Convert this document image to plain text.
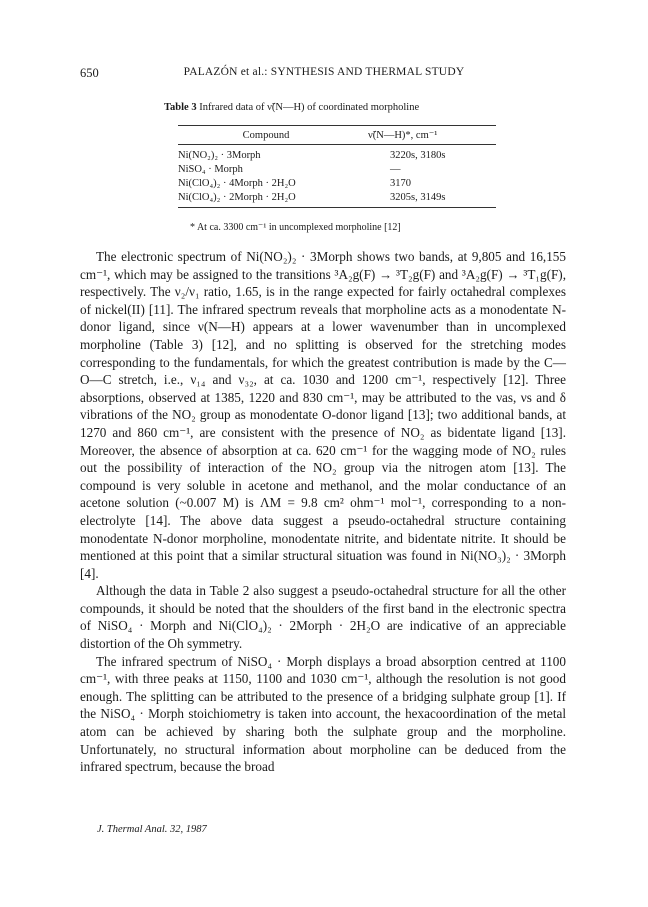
650	PALAZÓN et al.: SYNTHESIS AND THERMAL STUDY
Table 3 Infrared data of ν̃(N—H) of coordinated morpholine
Compound	ν̃(N—H)*, cm⁻¹
Ni(NO₂)₂ · 3Morph	3220s, 3180s
NiSO₄ · Morph	—
Ni(ClO₄)₂ · 4Morph · 2H₂O	3170
Ni(ClO₄)₂ · 2Morph · 2H₂O	3205s, 3149s
* At ca. 3300 cm⁻¹ in uncomplexed morpholine [12]

The electronic spectrum of Ni(NO₂)₂ · 3Morph shows two bands, at 9,805 and 16,155 cm⁻¹, which may be assigned to the transitions ³A₂g(F) → ³T₂g(F) and ³A₂g(F) → ³T₁g(F), respectively. The ν₂/ν₁ ratio, 1.65, is in the range expected for fairly octahedral complexes of nickel(II) [11]. The infrared spectrum reveals that morpholine acts as a monodentate N-donor ligand, since ν(N—H) appears at a lower wavenumber than in uncomplexed morpholine (Table 3) [12], and no splitting is observed for the stretching modes corresponding to the fundamentals, for which the greatest contribution is made by the C—O—C stretch, i.e., ν₁₄ and ν₃₂, at ca. 1030 and 1200 cm⁻¹, respectively [12]. Three absorptions, observed at 1385, 1220 and 830 cm⁻¹, may be attributed to the νas, νs and δ vibrations of the NO₂ group as monodentate O-donor ligand [13]; two additional bands, at 1270 and 860 cm⁻¹, are consistent with the presence of NO₂ as bidentate ligand [13]. Moreover, the absence of absorption at ca. 620 cm⁻¹ for the wagging mode of NO₂ rules out the possibility of interaction of the NO₂ group via the nitrogen atom [13]. The compound is very soluble in acetone and methanol, and the molar conductance of an acetone solution (~0.007 M) is ΛM = 9.8 cm² ohm⁻¹ mol⁻¹, corresponding to a non-electrolyte [14]. The above data suggest a pseudo-octahedral structure containing monodentate N-donor morpholine, monodentate nitrite, and bidentate nitrite. It should be mentioned at this point that a similar structural situation was found in Ni(NO₃)₂ · 3Morph [4].

Although the data in Table 2 also suggest a pseudo-octahedral structure for all the other compounds, it should be noted that the shoulders of the first band in the electronic spectra of NiSO₄ · Morph and Ni(ClO₄)₂ · 2Morph · 2H₂O are indicative of an appreciable distortion of the Oh symmetry.

The infrared spectrum of NiSO₄ · Morph displays a broad absorption centred at 1100 cm⁻¹, with three peaks at 1150, 1100 and 1030 cm⁻¹, although the resolution is not good enough. The splitting can be attributed to the presence of a bridging sulphate group [1]. If the NiSO₄ · Morph stoichiometry is taken into account, the hexacoordination of the metal atom can be achieved by sharing both the sulphate group and the morpholine. Unfortunately, no structural information about morpholine can be deduced from the infrared spectrum, because the broad

J. Thermal Anal. 32, 1987
